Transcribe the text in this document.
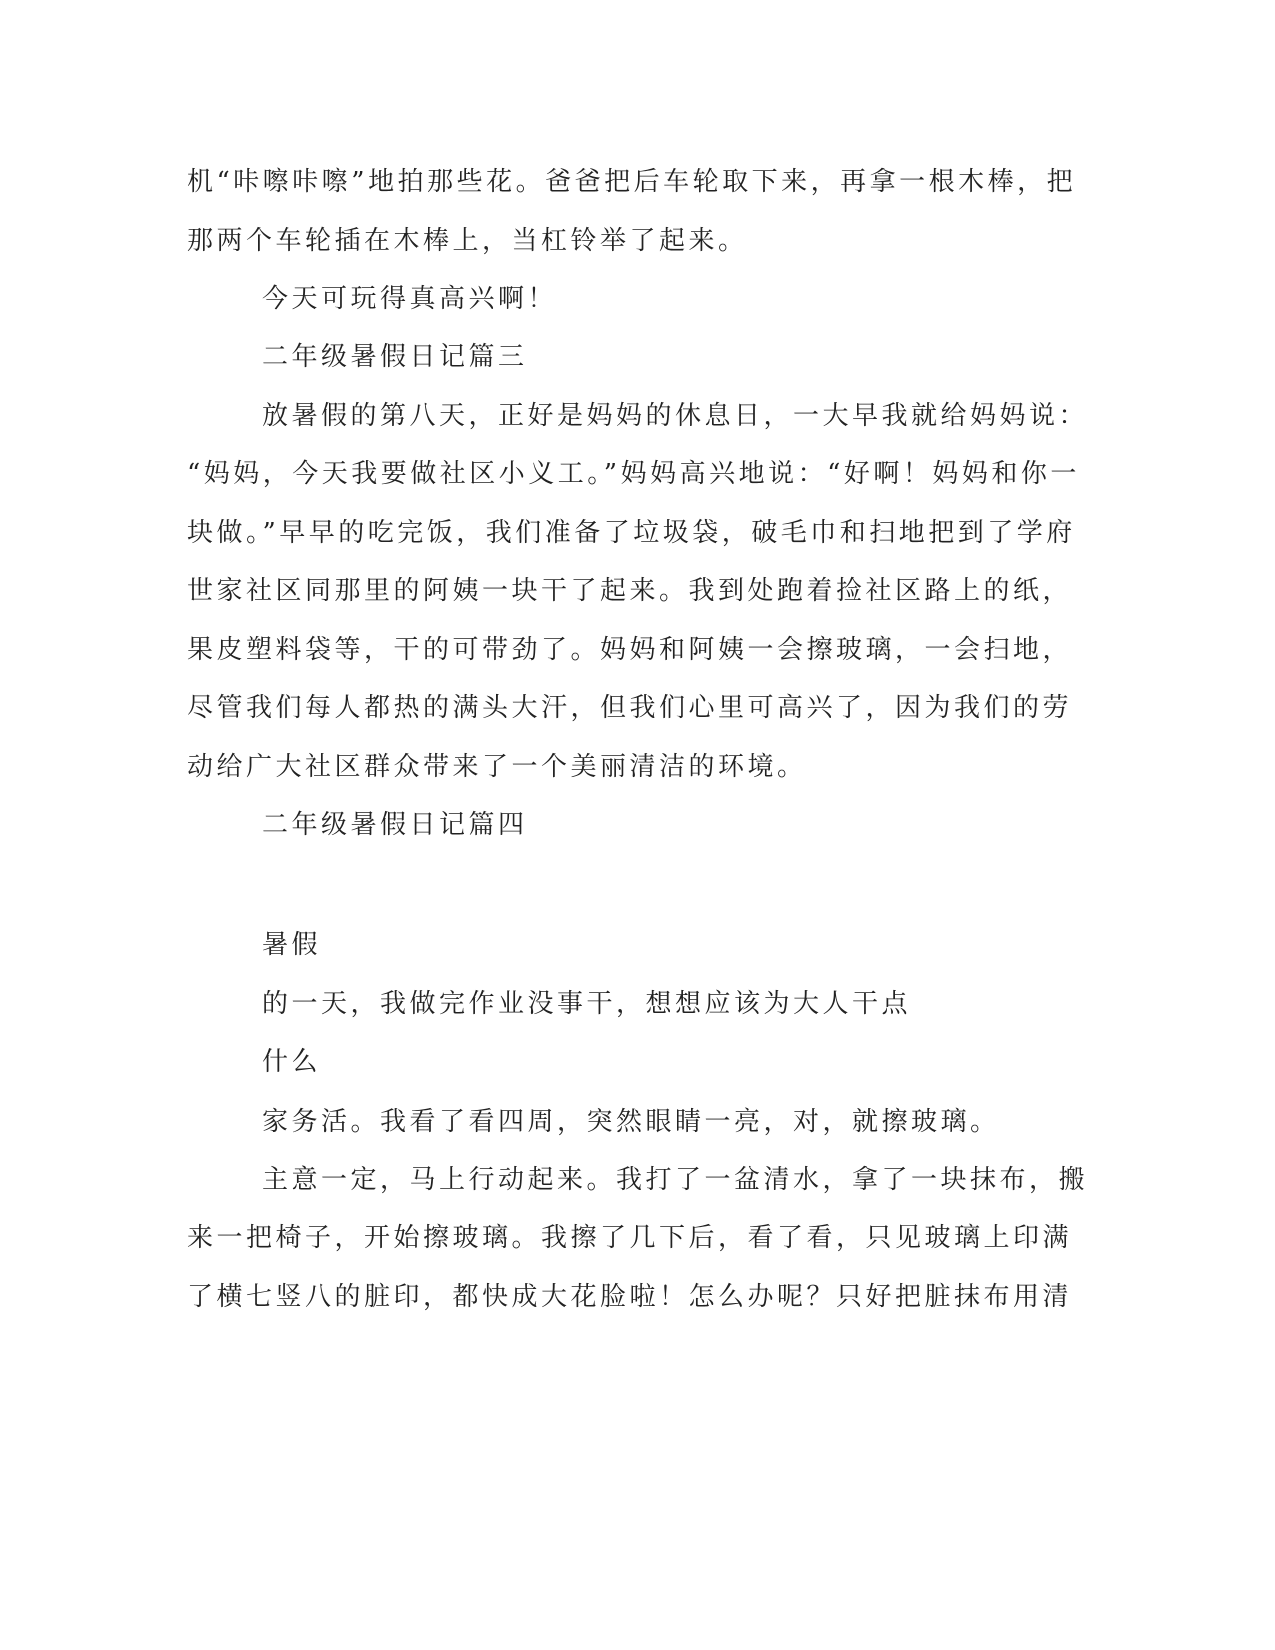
机“咔嚓咔嚓”地拍那些花。爸爸把后车轮取下来，再拿一根木棒，把
那两个车轮插在木棒上，当杠铃举了起来。
今天可玩得真高兴啊！
二年级暑假日记篇三
放暑假的第八天，正好是妈妈的休息日，一大早我就给妈妈说：
“妈妈，今天我要做社区小义工。”妈妈高兴地说：“好啊！妈妈和你一
块做。”早早的吃完饭，我们准备了垃圾袋，破毛巾和扫地把到了学府
世家社区同那里的阿姨一块干了起来。我到处跑着捡社区路上的纸，
果皮塑料袋等，干的可带劲了。妈妈和阿姨一会擦玻璃，一会扫地，
尽管我们每人都热的满头大汗，但我们心里可高兴了，因为我们的劳
动给广大社区群众带来了一个美丽清洁的环境。
二年级暑假日记篇四
暑假
的一天，我做完作业没事干，想想应该为大人干点
什么
家务活。我看了看四周，突然眼睛一亮，对，就擦玻璃。
主意一定，马上行动起来。我打了一盆清水，拿了一块抹布，搬
来一把椅子，开始擦玻璃。我擦了几下后，看了看，只见玻璃上印满
了横七竖八的脏印，都快成大花脸啦！怎么办呢？只好把脏抹布用清
